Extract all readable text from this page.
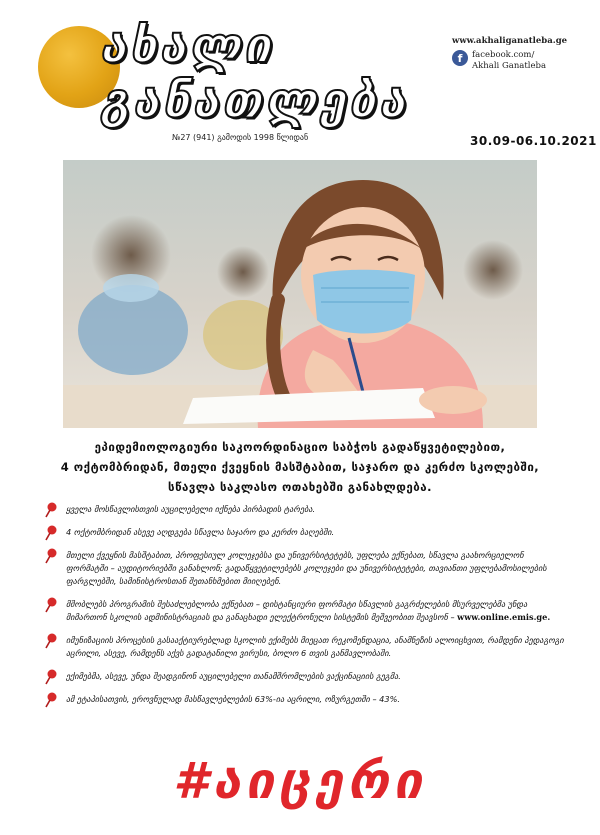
ახალი
განათლება
№27 (941) გამოდის 1998 წლიდან
www.akhaliganatleba.ge
f	facebook.com/
Akhali Ganatleba
30.09-06.10.2021
ეპიდემიოლოგიური საკოორდინაციო საბჭოს გადაწყვეტილებით,
4 ოქტომბრიდან, მთელი ქვეყნის მასშტაბით, საჯარო და კერძო სკოლებში,
სწავლა საკლასო ოთახებში განახლდება.
ყველა მოსწავლისთვის აუცილებელი იქნება პირბადის ტარება.
4 ოქტომბრიდან ასევე აღდგება სწავლა საჯარო და კერძო ბაღებში.
მთელი ქვეყნის მასშტაბით, პროფესიულ კოლეჯებსა და უნივერსიტეტებს, უფლება ექნებათ, სწავლა გაახორციელონ ფორმატში – აუდიტორიებში განახლონ; გადაწყვეტილებებს კოლეჯები და უნივერსიტეტები, თავიანთი უფლებამოსილების ფარგლებში, სამინისტროსთან შეთანხმებით მიიღებენ.
მშობლებს პროგრამის შესაძლებლობა ექნებათ – დისტანციური ფორმატი სწავლის გაგრძელების მსურველებმა უნდა მიმართონ სკოლის ადმინისტრაციას და განაცხადი ელექტრონული სისტემის მეშვეობით შეავსონ – www.online.emis.ge.
იმუნიზაციის პროცესის გასააქტიურებლად სკოლის ექიმებს მიეცათ რეკომენდაცია, ანამნეზის ალოიცხვით, რამდენი პედაგოგი აცრილი, ასევე, რამდენს აქვს გადატანილი ვირუსი, ბოლო 6 თვის განმავლობაში.
ექიმებმა, ასევე, უნდა შეადგინონ აუცილებელი თანამშრომლების ვაქცინაციის გეგმა.
ამ ეტაპისათვის, ეროვნულად მასწავლებლების 63%-ია აცრილი, ოზურგეთში – 43%.
#აიცერი
